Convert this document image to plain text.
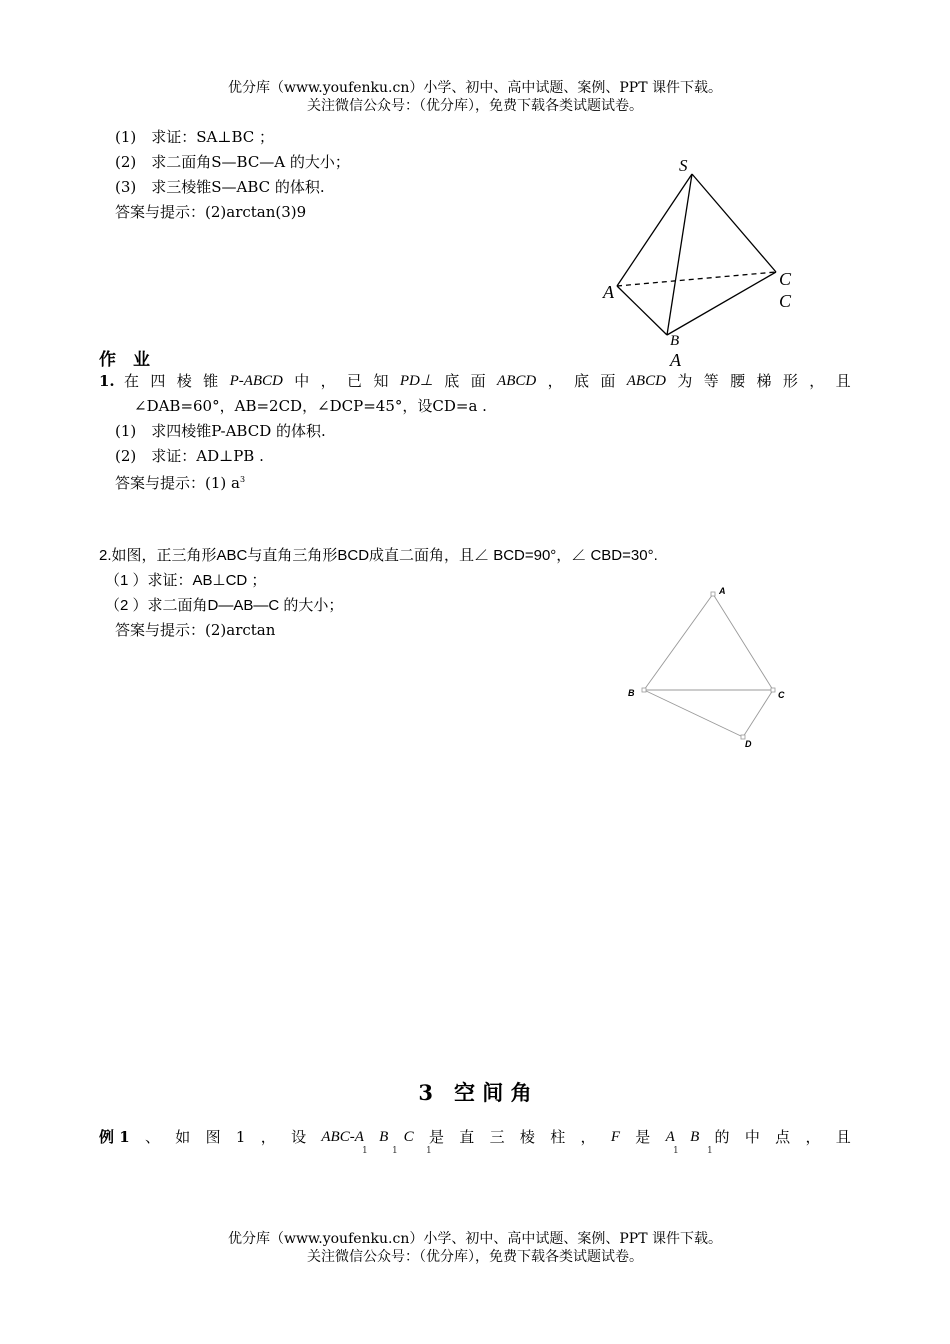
优分库（www.youfenku.cn）小学、初中、高中试题、案例、PPT 课件下载。
关注微信公众号：（优分库），免费下载各类试题试卷。
(1)　求证：SA⊥BC ；
(2)　求二面角S—BC—A 的大小；
(3)　求三棱锥S—ABC 的体积.
答案与提示：(2)arctan(3)9
S
A
B
C
C
A
作　业
1. 在 四 棱 锥 P-ABCD 中 ， 已 知 PD⊥ 底 面 ABCD ， 底 面 ABCD 为 等 腰 梯 形 ， 且
∠DAB=60°，AB=2CD，∠DCP=45°，设CD=a .
(1)　求四棱锥P-ABCD 的体积.
(2)　求证：AD⊥PB .
答案与提示：(1) $a^3$
2.如图，正三角形ABC与直角三角形BCD成直二面角，且∠ BCD=90°，∠ CBD=30°.
（1 ）求证：AB⊥CD ；
（2 ）求二面角D—AB—C 的大小；
答案与提示：(2)arctan
A
B	C
D
3　空 间 角
例 1 、 如 图 1 ， 设 ABC-A B C 是 直 三 棱 柱 ， F 是 A B 的 中 点 ， 且
1	1	1	1	1
优分库（www.youfenku.cn）小学、初中、高中试题、案例、PPT 课件下载。
关注微信公众号：（优分库），免费下载各类试题试卷。
